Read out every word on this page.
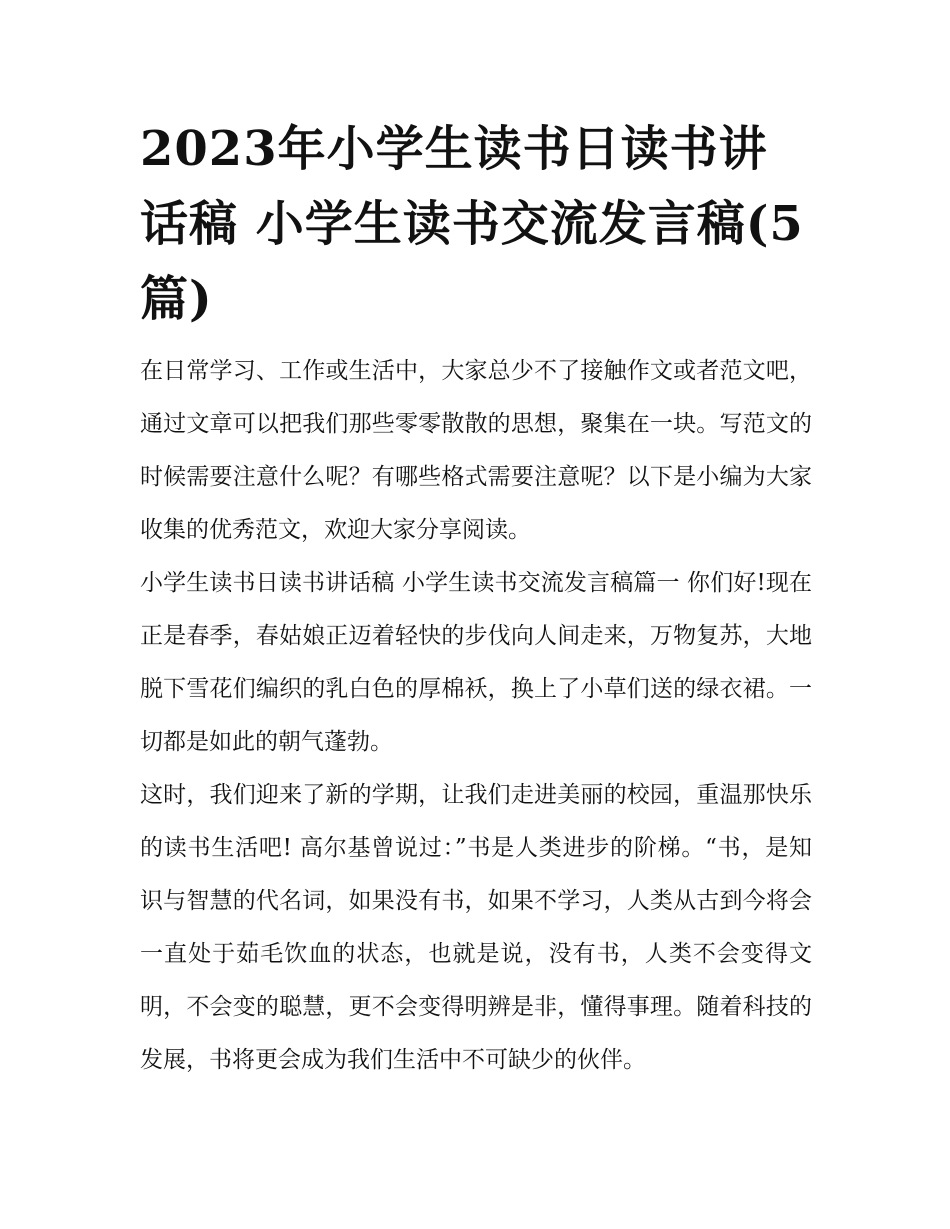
2023年小学生读书日读书讲话稿 小学生读书交流发言稿(5篇)

在日常学习、工作或生活中，大家总少不了接触作文或者范文吧，通过文章可以把我们那些零零散散的思想，聚集在一块。写范文的时候需要注意什么呢？有哪些格式需要注意呢？以下是小编为大家收集的优秀范文，欢迎大家分享阅读。

小学生读书日读书讲话稿 小学生读书交流发言稿篇一 你们好!现在正是春季，春姑娘正迈着轻快的步伐向人间走来，万物复苏，大地脱下雪花们编织的乳白色的厚棉袄，换上了小草们送的绿衣裙。一切都是如此的朝气蓬勃。

这时，我们迎来了新的学期，让我们走进美丽的校园，重温那快乐的读书生活吧! 高尔基曾说过：”书是人类进步的阶梯。“书，是知识与智慧的代名词，如果没有书，如果不学习，人类从古到今将会一直处于茹毛饮血的状态，也就是说，没有书，人类不会变得文明，不会变的聪慧，更不会变得明辨是非，懂得事理。随着科技的发展，书将更会成为我们生活中不可缺少的伙伴。
